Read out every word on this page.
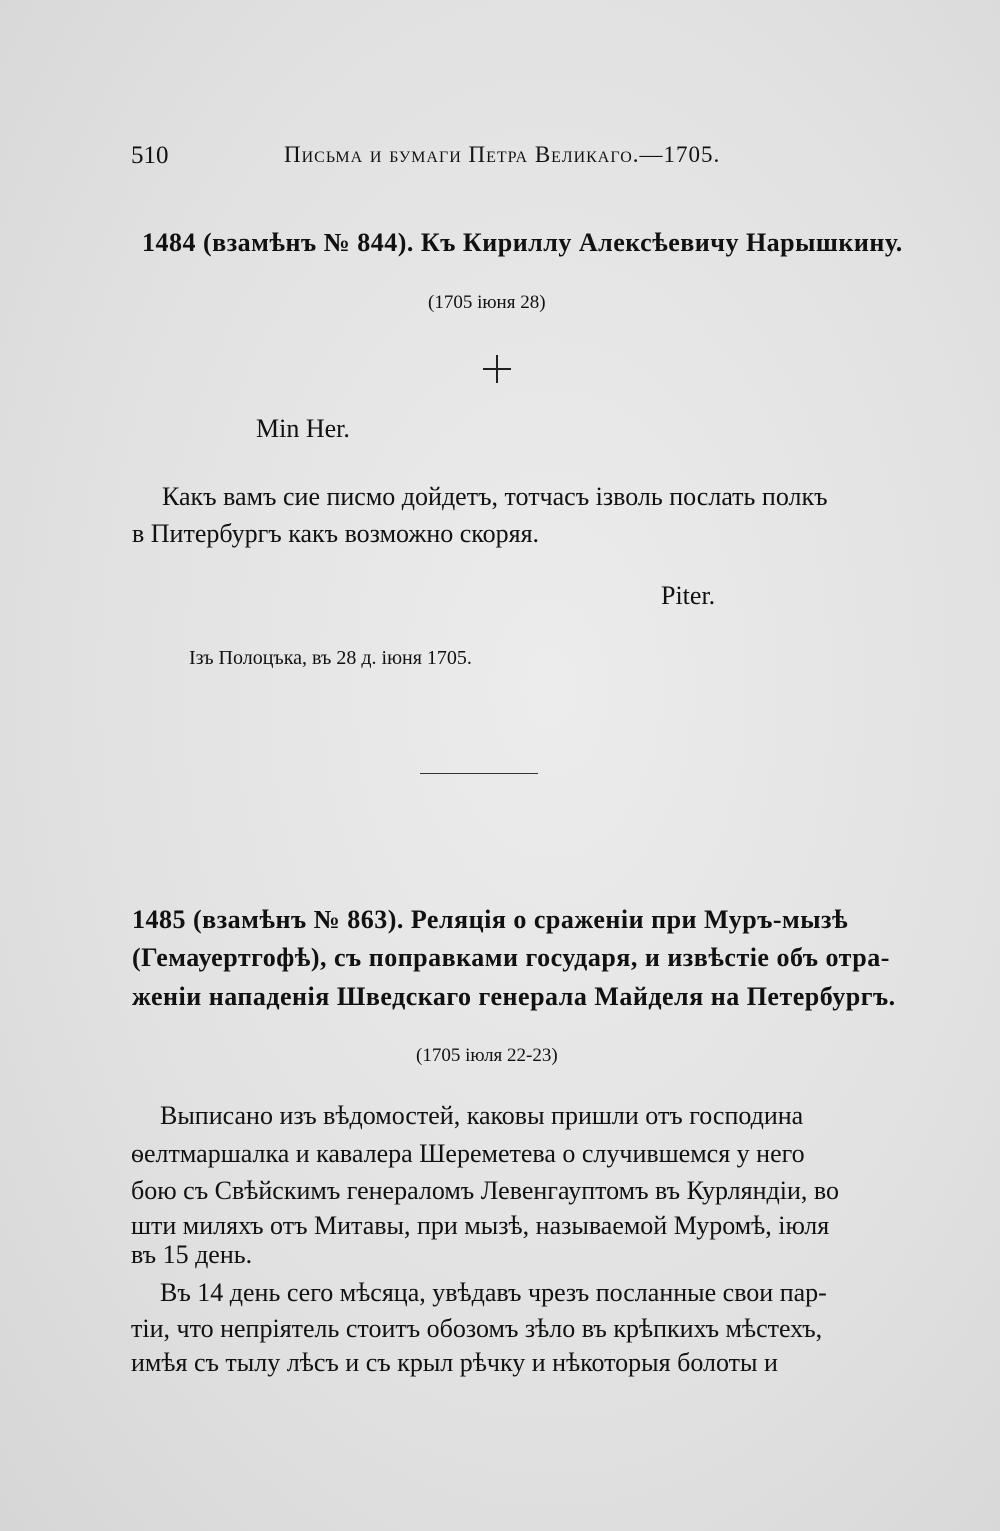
510	Письма и бумаги Петра Великаго.—1705.
1484 (взамѣнъ № 844). Къ Кириллу Алексѣевичу Нарышкину.
(1705 іюня 28)
Min Her.
Какъ вамъ сие писмо дойдетъ, тотчасъ ізволь послать полкъ
в Питербургъ какъ возможно скоряя.
Piter.
Ізъ Полоцъка, въ 28 д. іюня 1705.
1485 (взамѣнъ № 863). Реляція о сраженіи при Муръ-мызѣ
(Гемауертгофѣ), съ поправками государя, и извѣстіе объ отра-
женіи нападенія Шведскаго генерала Майделя на Петербургъ.
(1705 іюля 22-23)
Выписано изъ вѣдомостей, каковы пришли отъ господина
ѳелтмаршалка и кавалера Шереметева о случившемся у него
бою съ Свѣйскимъ генераломъ Левенгауптомъ въ Курляндіи, во
шти миляхъ отъ Митавы, при мызѣ, называемой Муромѣ, іюля
въ 15 день.
Въ 14 день сего мѣсяца, увѣдавъ чрезъ посланные свои пар-
тіи, что непріятель стоитъ обозомъ зѣло въ крѣпкихъ мѣстехъ,
имѣя съ тылу лѣсъ и съ крыл рѣчку и нѣкоторыя болоты и
